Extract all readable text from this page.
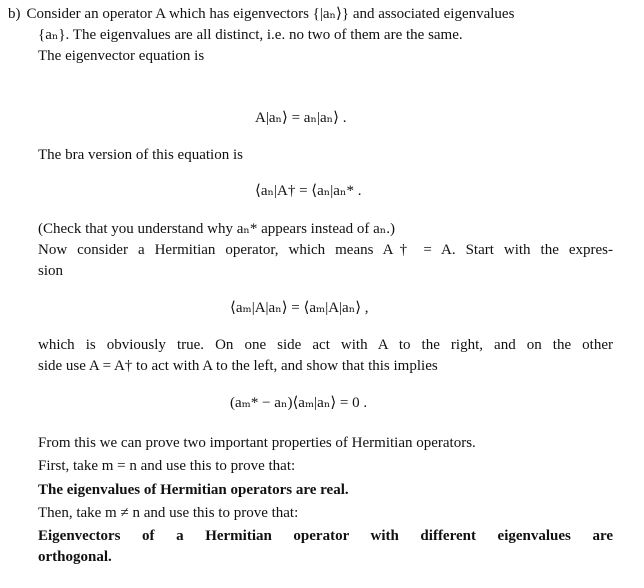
b) Consider an operator A which has eigenvectors {|aₙ⟩} and associated eigenvalues
{aₙ}. The eigenvalues are all distinct, i.e. no two of them are the same.
The eigenvector equation is
A|aₙ⟩ = aₙ|aₙ⟩ .
The bra version of this equation is
⟨aₙ|A† = ⟨aₙ|aₙ* .
(Check that you understand why aₙ* appears instead of aₙ.)
Now consider a Hermitian operator, which means A† = A. Start with the expres-
sion
⟨aₘ|A|aₙ⟩ = ⟨aₘ|A|aₙ⟩ ,
which is obviously true. On one side act with A to the right, and on the other
side use A = A† to act with A to the left, and show that this implies
(aₘ* − aₙ)⟨aₘ|aₙ⟩ = 0 .
From this we can prove two important properties of Hermitian operators.
First, take m = n and use this to prove that:
The eigenvalues of Hermitian operators are real.
Then, take m ≠ n and use this to prove that:
Eigenvectors of a Hermitian operator with different eigenvalues are
orthogonal.
